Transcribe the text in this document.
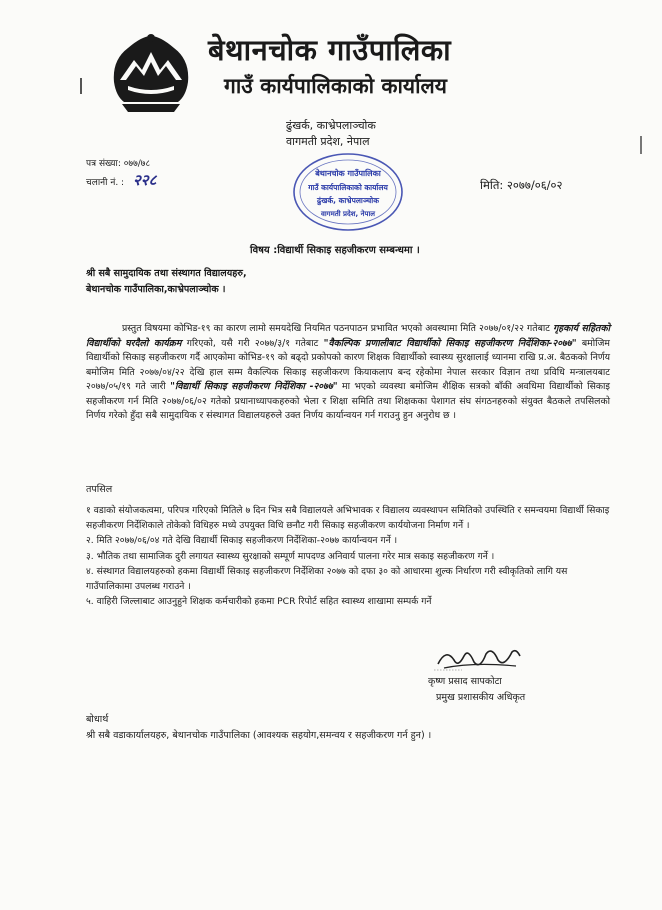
बेथानचोक गाउँपालिका
गाउँ कार्यपालिकाको कार्यालय
ढुंखर्क, काभ्रेपलाञ्चोक
वागमती प्रदेश, नेपाल
बेथानचोक गाउँपालिका
गाउँ कार्यपालिकाको कार्यालय
ढुंखर्क, काभ्रेपलाञ्चोक
वागमती प्रदेश, नेपाल
पत्र संख्या: ०७७/७८
चलानी नं. : २२८	मिति: २०७७/०६/०२
विषय :विद्यार्थी सिकाइ सहजीकरण सम्बन्धमा ।
श्री सबै सामुदायिक तथा संस्थागत विद्यालयहरु,
बेथानचोक गाउँपालिका,काभ्रेपलाञ्चोक ।
प्रस्तुत विषयमा कोभिड-१९ का कारण लामो समयदेखि नियमित पठनपाठन प्रभावित भएको अवस्थामा मिति २०७७/०१/२२ गतेबाट गृहकार्य सहितको विद्यार्थीको घरदैलो कार्यक्रम गरिएको, यसै गरी २०७७/३/१ गतेबाट "वैकल्पिक प्रणालीबाट विद्यार्थीको सिकाइ सहजीकरण निर्देशिका-२०७७" बमोजिम विद्यार्थीको सिकाइ सहजीकरण गर्दै आएकोमा कोभिड-१९ को बढ्दो प्रकोपको कारण शिक्षक विद्यार्थीको स्वास्थ्य सुरक्षालाई ध्यानमा राखि प्र.अ. बैठकको निर्णय बमोजिम मिति २०७७/०४/२२ देखि हाल सम्म वैकल्पिक सिकाइ सहजीकरण कियाकलाप बन्द रहेकोमा नेपाल सरकार विज्ञान तथा प्रविधि मन्त्रालयबाट २०७७/०५/१९ गते जारी "विद्यार्थी सिकाइ सहजीकरण निर्देशिका -२०७७" मा भएको व्यवस्था बमोजिम शैक्षिक सत्रको बाँकी अवधिमा विद्यार्थीको सिकाइ सहजीकरण गर्न मिति २०७७/०६/०२ गतेको प्रधानाध्यापकहरुको भेला र शिक्षा समिति तथा शिक्षकका पेशागत संघ संगठनहरुको संयुक्त बैठकले तपसिलको निर्णय गरेको हुँदा सबै सामुदायिक र संस्थागत विद्यालयहरुले उक्त निर्णय कार्यान्वयन गर्न गराउनु हुन अनुरोध छ ।
तपसिल
१ वडाको संयोजकत्वमा, परिपत्र गरिएको मितिले ७ दिन भित्र सबै विद्यालयले अभिभावक र विद्यालय व्यवस्थापन समितिको उपस्थिति र समन्वयमा विद्यार्थी सिकाइ सहजीकरण निर्देशिकाले तोकेको विधिहरु मध्ये उपयुक्त विधि छनौट गरी सिकाइ सहजीकरण कार्ययोजना निर्माण गर्ने ।
२. मिति २०७७/०६/०४ गते देखि विद्यार्थी सिकाइ सहजीकरण निर्देशिका-२०७७ कार्यान्वयन गर्ने ।
३. भौतिक तथा सामाजिक दुरी लगायत स्वास्थ्य सुरक्षाको सम्पूर्ण मापदण्ड अनिवार्य पालना गरेर मात्र सकाइ सहजीकरण गर्ने ।
४. संस्थागत विद्यालयहरुको हकमा विद्यार्थी सिकाइ सहजीकरण निर्देशिका २०७७ को दफा ३० को आधारमा शुल्क निर्धारण गरी स्वीकृतिको लागि यस गाउँपालिकामा उपलब्ध गराउने ।
५. वाहिरी जिल्लाबाट आउनुहुने शिक्षक कर्मचारीको हकमा PCR रिपोर्ट सहित स्वास्थ्य शाखामा सम्पर्क गर्ने
कृष्ण प्रसाद सापकोटा
प्रमुख प्रशासकीय अधिकृत
बोधार्थ
श्री सबै वडाकार्यालयहरु, बेथानचोक गाउँपालिका (आवश्यक सहयोग,समन्वय र सहजीकरण गर्न हुन) ।
